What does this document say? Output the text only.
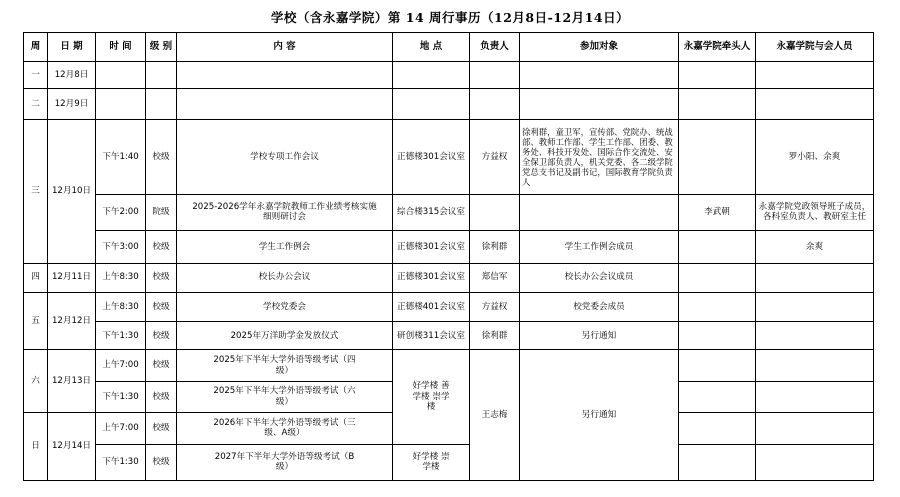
学校（含永嘉学院）第 14 周行事历（12月8日-12月14日）
周	日 期	时 间	级 别	内 容	地 点	负责人	参加对象	永嘉学院牵头人	永嘉学院与会人员
一	12月8日								
二	12月9日								
三	12月10日	下午1:40	校级	学校专项工作会议	正德楼301会议室	方益权	徐利群，童卫军，宣传部、党院办、统战部、教师工作部、学生工作部、团委、教务处、科技开发处、国际合作交流处、安全保卫部负责人，机关党委、各二级学院党总支书记及副书记，国际教育学院负责人		罗小阳、余爽
		下午2:00	院级	2025-2026学年永嘉学院教师工作业绩考核实施细则研讨会	综合楼315会议室			李武朝	永嘉学院党政领导班子成员，各科室负责人、教研室主任
		下午3:00	校级	学生工作例会	正德楼301会议室	徐利群	学生工作例会成员		余爽
四	12月11日	上午8:30	校级	校长办公会议	正德楼301会议室	郑信军	校长办公会议成员		
五	12月12日	上午8:30	校级	学校党委会	正德楼401会议室	方益权	校党委会成员		
		下午1:30	校级	2025年万洋助学金发放仪式	研创楼311会议室	徐利群	另行通知		
六	12月13日	上午7:00	校级	2025年下半年大学外语等级考试（四级）	好学楼 善学楼 崇学楼	王志梅	另行通知		
		下午1:30	校级	2025年下半年大学外语等级考试（六级）					
日	12月14日	上午7:00	校级	2026年下半年大学外语等级考试（三级、A级）					
		下午1:30	校级	2027年下半年大学外语等级考试（B级）	好学楼 崇学楼				
